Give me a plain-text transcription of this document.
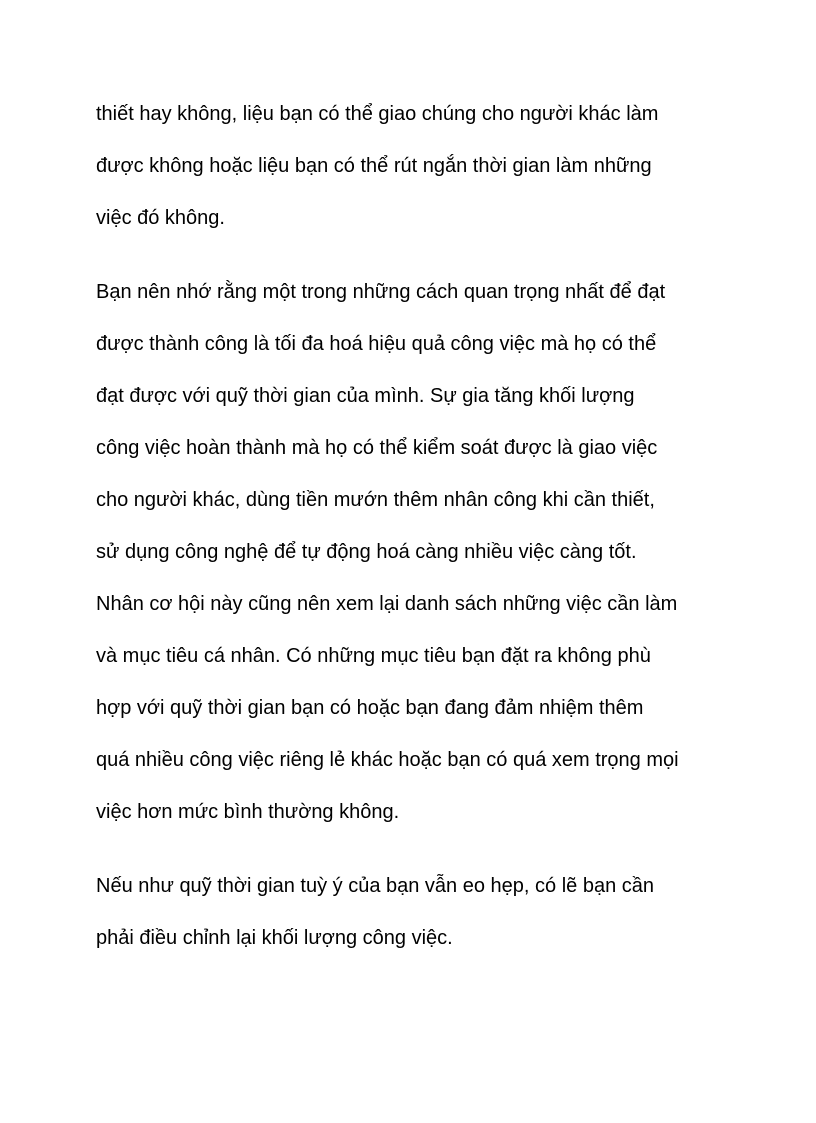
thiết hay không, liệu bạn có thể giao chúng cho người khác làm
được không hoặc liệu bạn có thể rút ngắn thời gian làm những
việc đó không.
Bạn nên nhớ rằng một trong những cách quan trọng nhất để đạt
được thành công là tối đa hoá hiệu quả công việc mà họ có thể
đạt được với quỹ thời gian của mình. Sự gia tăng khối lượng
công việc hoàn thành mà họ có thể kiểm soát được là giao việc
cho người khác, dùng tiền mướn thêm nhân công khi cần thiết,
sử dụng công nghệ để tự động hoá càng nhiều việc càng tốt.
Nhân cơ hội này cũng nên xem lại danh sách những việc cần làm
và mục tiêu cá nhân. Có những mục tiêu bạn đặt ra không phù
hợp với quỹ thời gian bạn có hoặc bạn đang đảm nhiệm thêm
quá nhiều công việc riêng lẻ khác hoặc bạn có quá xem trọng mọi
việc hơn mức bình thường không.
Nếu như quỹ thời gian tuỳ ý của bạn vẫn eo hẹp, có lẽ bạn cần
phải điều chỉnh lại khối lượng công việc.
